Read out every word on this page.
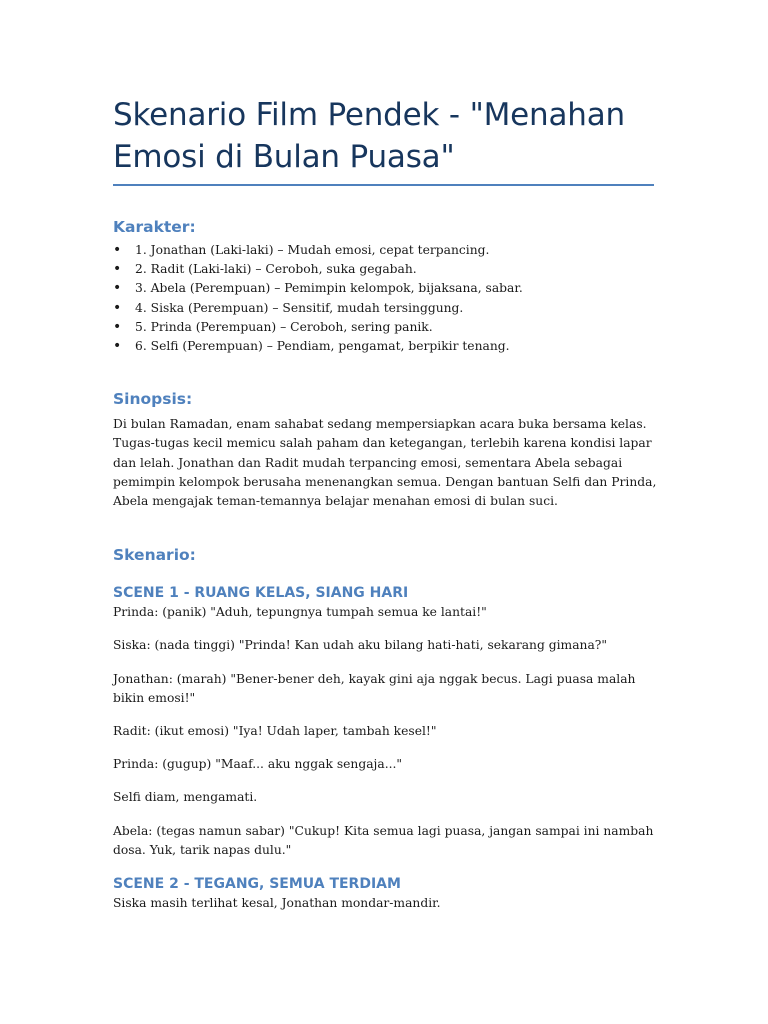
Skenario Film Pendek - "Menahan Emosi di Bulan Puasa"
Karakter:
• 1. Jonathan (Laki-laki) – Mudah emosi, cepat terpancing.
• 2. Radit (Laki-laki) – Ceroboh, suka gegabah.
• 3. Abela (Perempuan) – Pemimpin kelompok, bijaksana, sabar.
• 4. Siska (Perempuan) – Sensitif, mudah tersinggung.
• 5. Prinda (Perempuan) – Ceroboh, sering panik.
• 6. Selfi (Perempuan) – Pendiam, pengamat, berpikir tenang.
Sinopsis:

Di bulan Ramadan, enam sahabat sedang mempersiapkan acara buka bersama kelas. Tugas-tugas kecil memicu salah paham dan ketegangan, terlebih karena kondisi lapar dan lelah. Jonathan dan Radit mudah terpancing emosi, sementara Abela sebagai pemimpin kelompok berusaha menenangkan semua. Dengan bantuan Selfi dan Prinda, Abela mengajak teman-temannya belajar menahan emosi di bulan suci.

Skenario:
SCENE 1 - RUANG KELAS, SIANG HARI

Prinda: (panik) "Aduh, tepungnya tumpah semua ke lantai!"

Siska: (nada tinggi) "Prinda! Kan udah aku bilang hati-hati, sekarang gimana?"

Jonathan: (marah) "Bener-bener deh, kayak gini aja nggak becus. Lagi puasa malah bikin emosi!"

Radit: (ikut emosi) "Iya! Udah laper, tambah kesel!"

Prinda: (gugup) "Maaf... aku nggak sengaja..."

Selfi diam, mengamati.

Abela: (tegas namun sabar) "Cukup! Kita semua lagi puasa, jangan sampai ini nambah dosa. Yuk, tarik napas dulu."

SCENE 2 - TEGANG, SEMUA TERDIAM

Siska masih terlihat kesal, Jonathan mondar-mandir.
